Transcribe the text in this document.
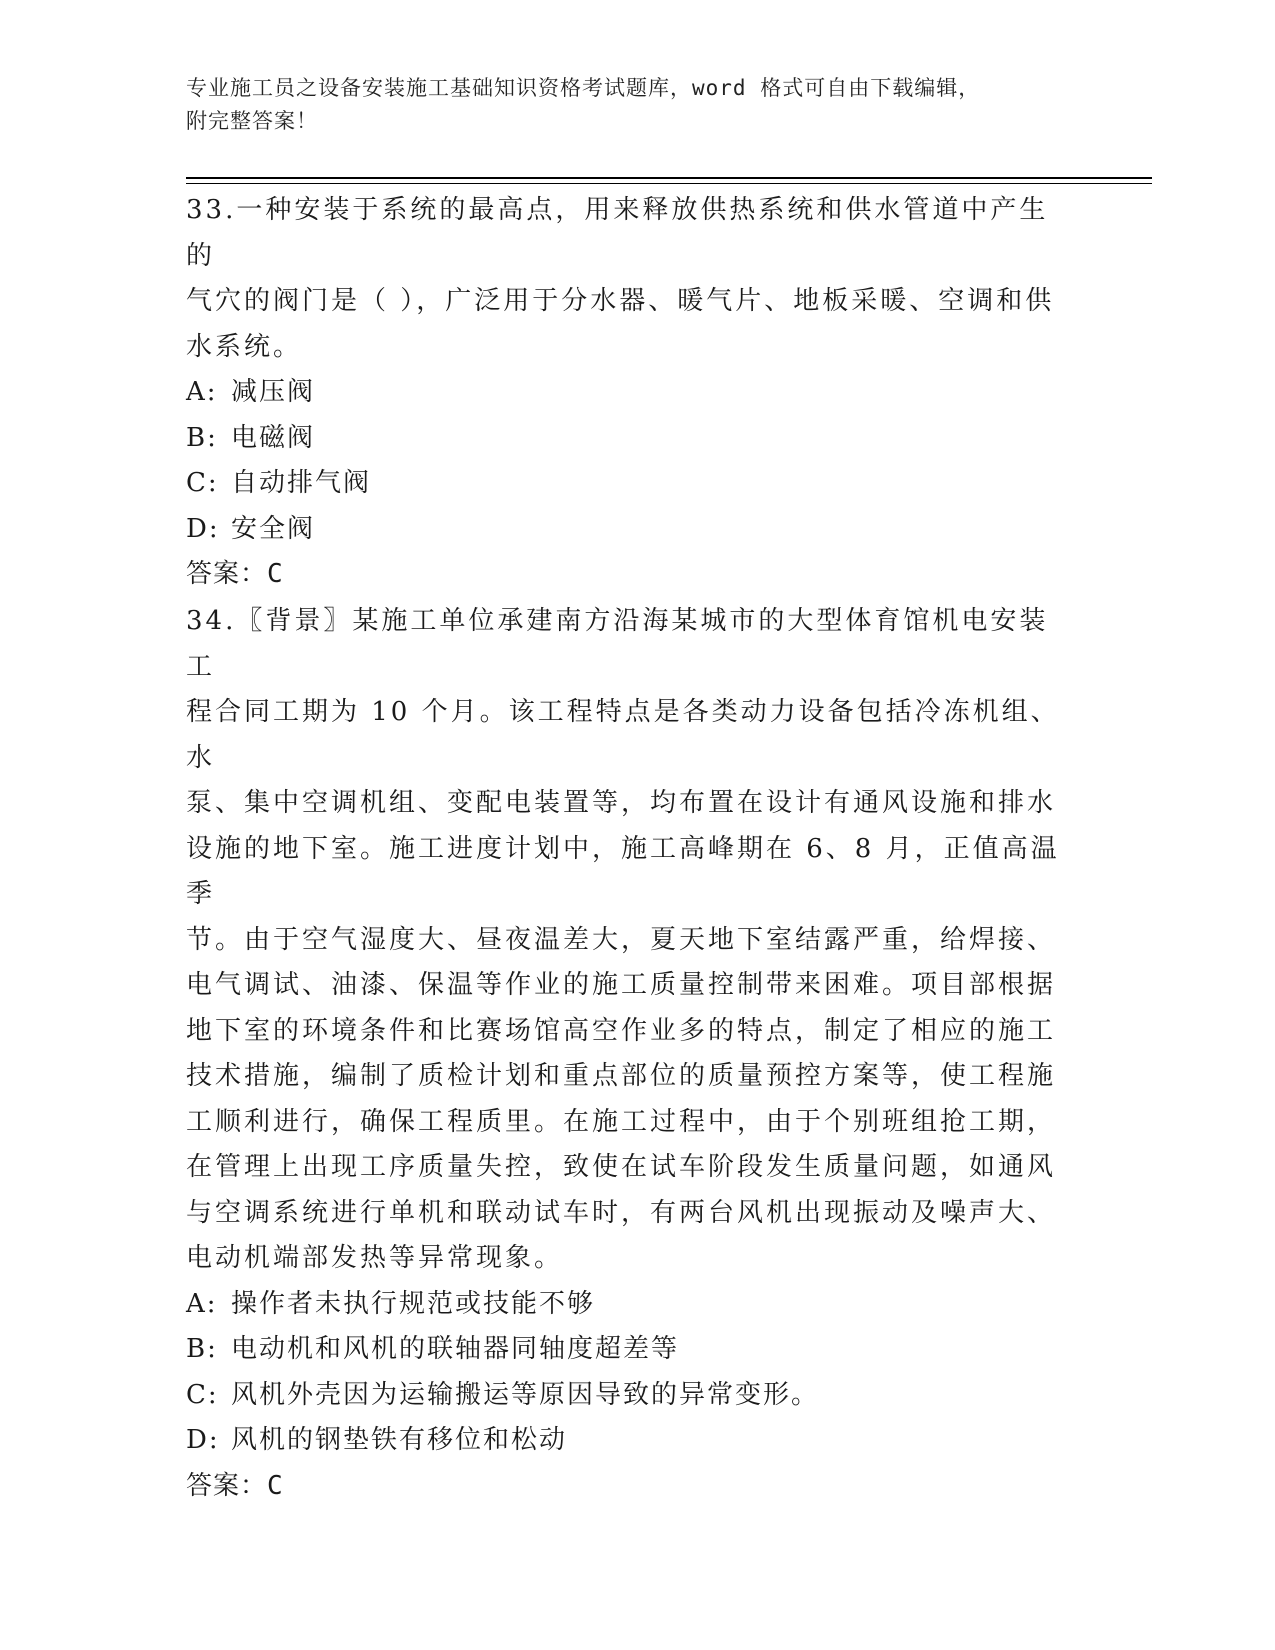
专业施工员之设备安装施工基础知识资格考试题库，word 格式可自由下载编辑，
附完整答案！

33.一种安装于系统的最高点，用来释放供热系统和供水管道中产生的

气穴的阀门是（ ），广泛用于分水器、暖气片、地板采暖、空调和供

水系统。

A: 减压阀

B: 电磁阀

C: 自动排气阀

D: 安全阀

答案：C

34.〖背景〗某施工单位承建南方沿海某城市的大型体育馆机电安装工

程合同工期为 10 个月。该工程特点是各类动力设备包括冷冻机组、水

泵、集中空调机组、变配电装置等，均布置在设计有通风设施和排水

设施的地下室。施工进度计划中，施工高峰期在 6、8 月，正值高温季

节。由于空气湿度大、昼夜温差大，夏天地下室结露严重，给焊接、

电气调试、油漆、保温等作业的施工质量控制带来困难。项目部根据

地下室的环境条件和比赛场馆高空作业多的特点，制定了相应的施工

技术措施，编制了质检计划和重点部位的质量预控方案等，使工程施

工顺利进行，确保工程质里。在施工过程中，由于个别班组抢工期，

在管理上出现工序质量失控，致使在试车阶段发生质量问题，如通风

与空调系统进行单机和联动试车时，有两台风机出现振动及噪声大、

电动机端部发热等异常现象。

A: 操作者未执行规范或技能不够

B: 电动机和风机的联轴器同轴度超差等

C: 风机外壳因为运输搬运等原因导致的异常变形。

D: 风机的钢垫铁有移位和松动

答案：C
